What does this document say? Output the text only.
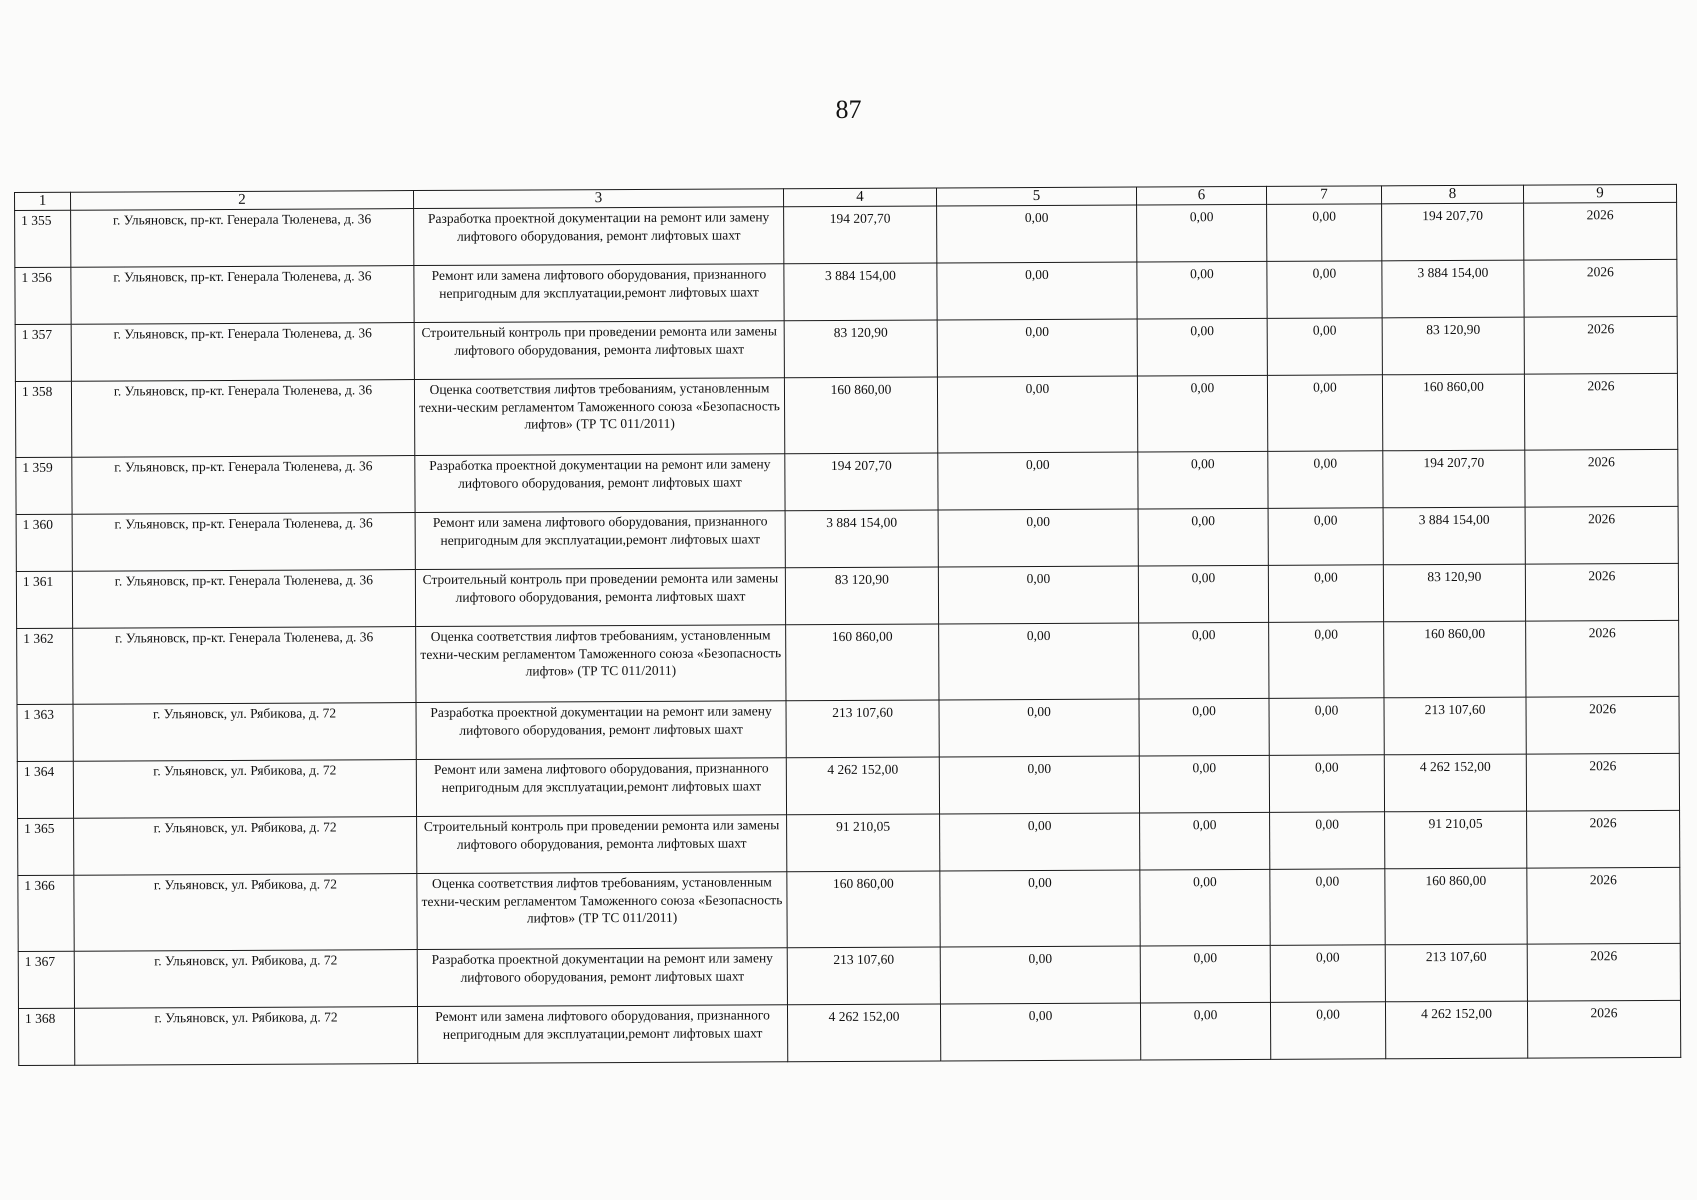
87
1	2	3	4	5	6	7	8	9
1 355	г. Ульяновск, пр-кт. Генерала Тюленева, д. 36	Разработка проектной документации на ремонт или замену лифтового оборудования, ремонт лифтовых шахт	194 207,70	0,00	0,00	0,00	194 207,70	2026
1 356	г. Ульяновск, пр-кт. Генерала Тюленева, д. 36	Ремонт или замена лифтового оборудования, признанного непригодным для эксплуатации,ремонт лифтовых шахт	3 884 154,00	0,00	0,00	0,00	3 884 154,00	2026
1 357	г. Ульяновск, пр-кт. Генерала Тюленева, д. 36	Строительный контроль при проведении ремонта или замены лифтового оборудования, ремонта лифтовых шахт	83 120,90	0,00	0,00	0,00	83 120,90	2026
1 358	г. Ульяновск, пр-кт. Генерала Тюленева, д. 36	Оценка соответствия лифтов требованиям, установленным техни-ческим регламентом Таможенного союза «Безопасность лифтов» (ТР ТС 011/2011)	160 860,00	0,00	0,00	0,00	160 860,00	2026
1 359	г. Ульяновск, пр-кт. Генерала Тюленева, д. 36	Разработка проектной документации на ремонт или замену лифтового оборудования, ремонт лифтовых шахт	194 207,70	0,00	0,00	0,00	194 207,70	2026
1 360	г. Ульяновск, пр-кт. Генерала Тюленева, д. 36	Ремонт или замена лифтового оборудования, признанного непригодным для эксплуатации,ремонт лифтовых шахт	3 884 154,00	0,00	0,00	0,00	3 884 154,00	2026
1 361	г. Ульяновск, пр-кт. Генерала Тюленева, д. 36	Строительный контроль при проведении ремонта или замены лифтового оборудования, ремонта лифтовых шахт	83 120,90	0,00	0,00	0,00	83 120,90	2026
1 362	г. Ульяновск, пр-кт. Генерала Тюленева, д. 36	Оценка соответствия лифтов требованиям, установленным техни-ческим регламентом Таможенного союза «Безопасность лифтов» (ТР ТС 011/2011)	160 860,00	0,00	0,00	0,00	160 860,00	2026
1 363	г. Ульяновск, ул. Рябикова, д. 72	Разработка проектной документации на ремонт или замену лифтового оборудования, ремонт лифтовых шахт	213 107,60	0,00	0,00	0,00	213 107,60	2026
1 364	г. Ульяновск, ул. Рябикова, д. 72	Ремонт или замена лифтового оборудования, признанного непригодным для эксплуатации,ремонт лифтовых шахт	4 262 152,00	0,00	0,00	0,00	4 262 152,00	2026
1 365	г. Ульяновск, ул. Рябикова, д. 72	Строительный контроль при проведении ремонта или замены лифтового оборудования, ремонта лифтовых шахт	91 210,05	0,00	0,00	0,00	91 210,05	2026
1 366	г. Ульяновск, ул. Рябикова, д. 72	Оценка соответствия лифтов требованиям, установленным техни-ческим регламентом Таможенного союза «Безопасность лифтов» (ТР ТС 011/2011)	160 860,00	0,00	0,00	0,00	160 860,00	2026
1 367	г. Ульяновск, ул. Рябикова, д. 72	Разработка проектной документации на ремонт или замену лифтового оборудования, ремонт лифтовых шахт	213 107,60	0,00	0,00	0,00	213 107,60	2026
1 368	г. Ульяновск, ул. Рябикова, д. 72	Ремонт или замена лифтового оборудования, признанного непригодным для эксплуатации,ремонт лифтовых шахт	4 262 152,00	0,00	0,00	0,00	4 262 152,00	2026
